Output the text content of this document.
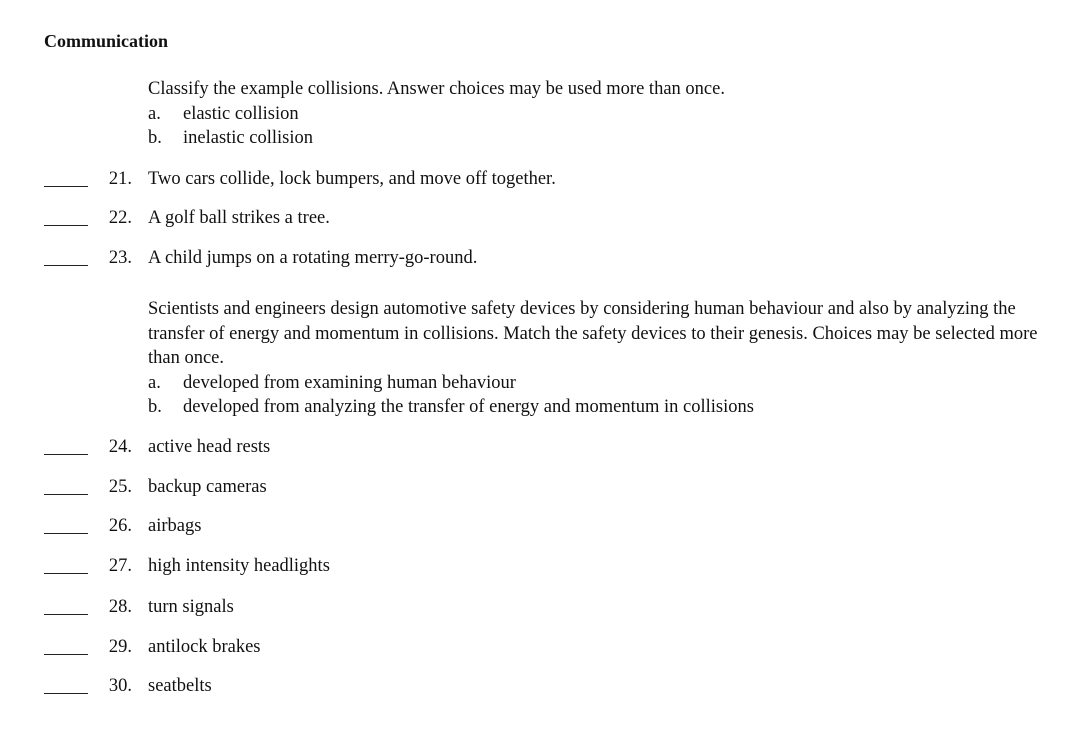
Communication

Classify the example collisions. Answer choices may be used more than once.

a.	elastic collision
b.	inelastic collision
21. Two cars collide, lock bumpers, and move off together.
22. A golf ball strikes a tree.
23. A child jumps on a rotating merry-go-round.

Scientists and engineers design automotive safety devices by considering human behaviour and also by analyzing the transfer of energy and momentum in collisions. Match the safety devices to their genesis. Choices may be selected more than once.

a.	developed from examining human behaviour
b.	developed from analyzing the transfer of energy and momentum in collisions
24. active head rests
25. backup cameras
26. airbags
27. high intensity headlights
28. turn signals
29. antilock brakes
30. seatbelts
